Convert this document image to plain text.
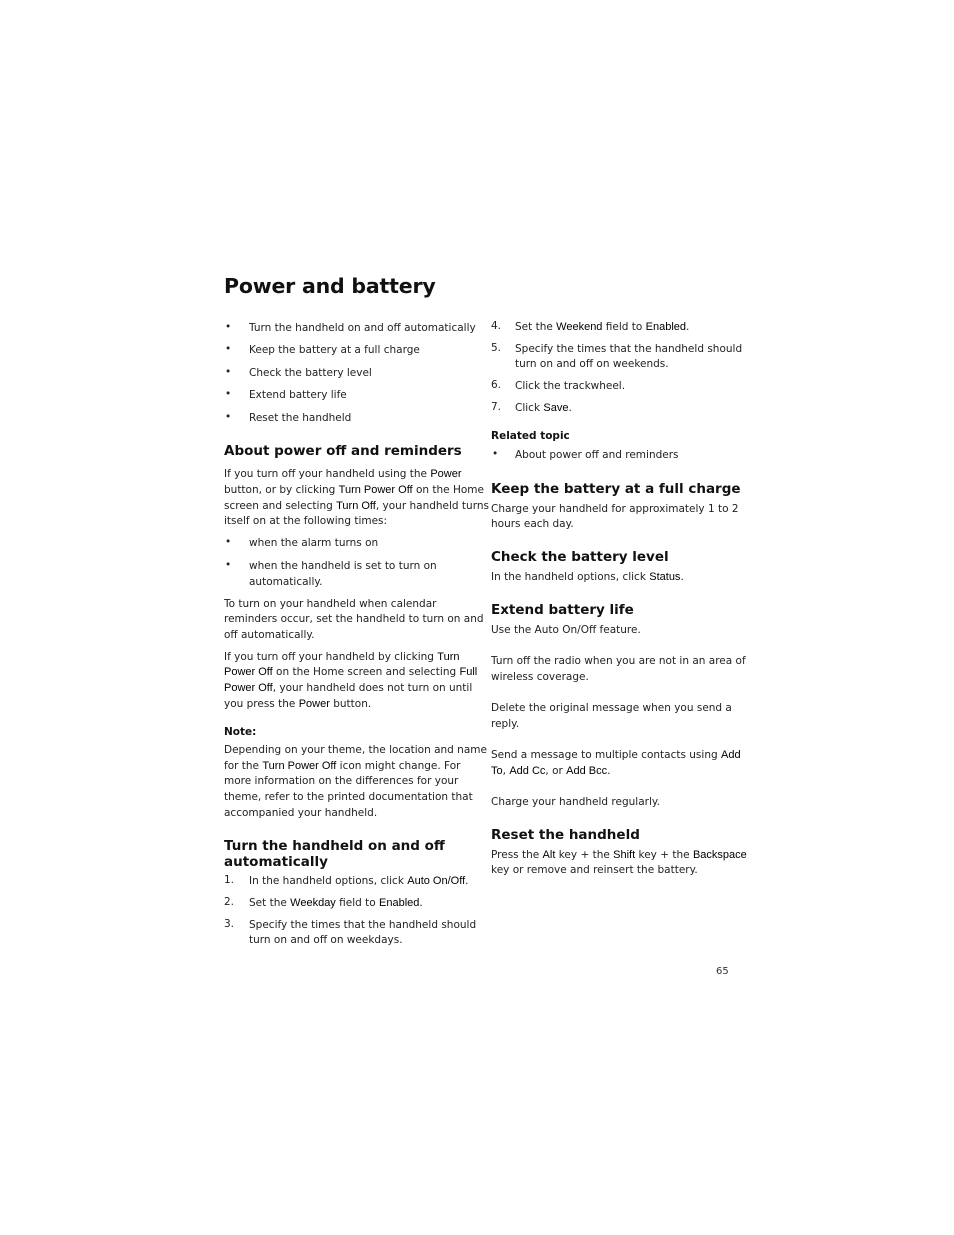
Power and battery
• Turn the handheld on and off automatically
• Keep the battery at a full charge
• Check the battery level
• Extend battery life
• Reset the handheld
About power off and reminders
If you turn off your handheld using the Power
button, or by clicking Turn Power Off on the Home
screen and selecting Turn Off, your handheld turns
itself on at the following times:
• when the alarm turns on
• when the handheld is set to turn on
automatically.
To turn on your handheld when calendar
reminders occur, set the handheld to turn on and
off automatically.
If you turn off your handheld by clicking Turn
Power Off on the Home screen and selecting Full
Power Off, your handheld does not turn on until
you press the Power button.
Note:
Depending on your theme, the location and name
for the Turn Power Off icon might change. For
more information on the differences for your
theme, refer to the printed documentation that
accompanied your handheld.
Turn the handheld on and off
automatically
1. In the handheld options, click Auto On/Off.
2. Set the Weekday field to Enabled.
3. Specify the times that the handheld should
turn on and off on weekdays.
4. Set the Weekend field to Enabled.
5. Specify the times that the handheld should
turn on and off on weekends.
6. Click the trackwheel.
7. Click Save.
Related topic
• About power off and reminders
Keep the battery at a full charge
Charge your handheld for approximately 1 to 2
hours each day.
Check the battery level
In the handheld options, click Status.
Extend battery life
Use the Auto On/Off feature.
Turn off the radio when you are not in an area of
wireless coverage.
Delete the original message when you send a
reply.
Send a message to multiple contacts using Add
To, Add Cc, or Add Bcc.
Charge your handheld regularly.
Reset the handheld
Press the Alt key + the Shift key + the Backspace
key or remove and reinsert the battery.
65
